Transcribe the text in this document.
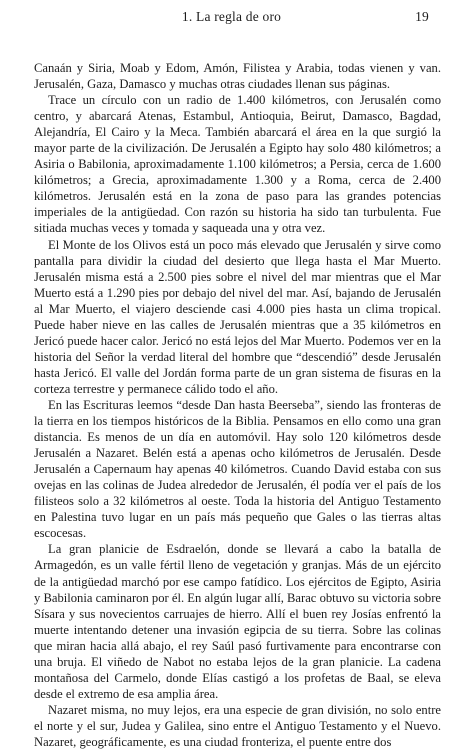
1. La regla de oro	19

Canaán y Siria, Moab y Edom, Amón, Filistea y Arabia, todas vienen y van. Jerusalén, Gaza, Damasco y muchas otras ciudades llenan sus páginas.

Trace un círculo con un radio de 1.400 kilómetros, con Jerusalén como centro, y abarcará Atenas, Estambul, Antioquia, Beirut, Damasco, Bagdad, Alejandría, El Cairo y la Meca. También abarcará el área en la que surgió la mayor parte de la civilización. De Jerusalén a Egipto hay solo 480 kilómetros; a Asiria o Babilonia, aproximadamente 1.100 kilómetros; a Persia, cerca de 1.600 kilómetros; a Grecia, aproximadamente 1.300 y a Roma, cerca de 2.400 kilómetros. Jerusalén está en la zona de paso para las grandes potencias imperiales de la antigüedad. Con razón su historia ha sido tan turbulenta. Fue sitiada muchas veces y tomada y saqueada una y otra vez.

El Monte de los Olivos está un poco más elevado que Jerusalén y sirve como pantalla para dividir la ciudad del desierto que llega hasta el Mar Muerto. Jerusalén misma está a 2.500 pies sobre el nivel del mar mientras que el Mar Muerto está a 1.290 pies por debajo del nivel del mar. Así, bajando de Jerusalén al Mar Muerto, el viajero desciende casi 4.000 pies hasta un clima tropical. Puede haber nieve en las calles de Jerusalén mientras que a 35 kilómetros en Jericó puede hacer calor. Jericó no está lejos del Mar Muerto. Podemos ver en la historia del Señor la verdad literal del hombre que “descendió” desde Jerusalén hasta Jericó. El valle del Jordán forma parte de un gran sistema de fisuras en la corteza terrestre y permanece cálido todo el año.

En las Escrituras leemos “desde Dan hasta Beerseba”, siendo las fronteras de la tierra en los tiempos históricos de la Biblia. Pensamos en ello como una gran distancia. Es menos de un día en automóvil. Hay solo 120 kilómetros desde Jerusalén a Nazaret. Belén está a apenas ocho kilómetros de Jerusalén. Desde Jerusalén a Capernaum hay apenas 40 kilómetros. Cuando David estaba con sus ovejas en las colinas de Judea alrededor de Jerusalén, él podía ver el país de los filisteos solo a 32 kilómetros al oeste. Toda la historia del Antiguo Testamento en Palestina tuvo lugar en un país más pequeño que Gales o las tierras altas escocesas.

La gran planicie de Esdraelón, donde se llevará a cabo la batalla de Armagedón, es un valle fértil lleno de vegetación y granjas. Más de un ejército de la antigüedad marchó por ese campo fatídico. Los ejércitos de Egipto, Asiria y Babilonia caminaron por él. En algún lugar allí, Barac obtuvo su victoria sobre Sísara y sus novecientos carruajes de hierro. Allí el buen rey Josías enfrentó la muerte intentando detener una invasión egipcia de su tierra. Sobre las colinas que miran hacia allá abajo, el rey Saúl pasó furtivamente para encontrarse con una bruja. El viñedo de Nabot no estaba lejos de la gran planicie. La cadena montañosa del Carmelo, donde Elías castigó a los profetas de Baal, se eleva desde el extremo de esa amplia área.

Nazaret misma, no muy lejos, era una especie de gran división, no solo entre el norte y el sur, Judea y Galilea, sino entre el Antiguo Testamento y el Nuevo. Nazaret, geográficamente, es una ciudad fronteriza, el puente entre dos
